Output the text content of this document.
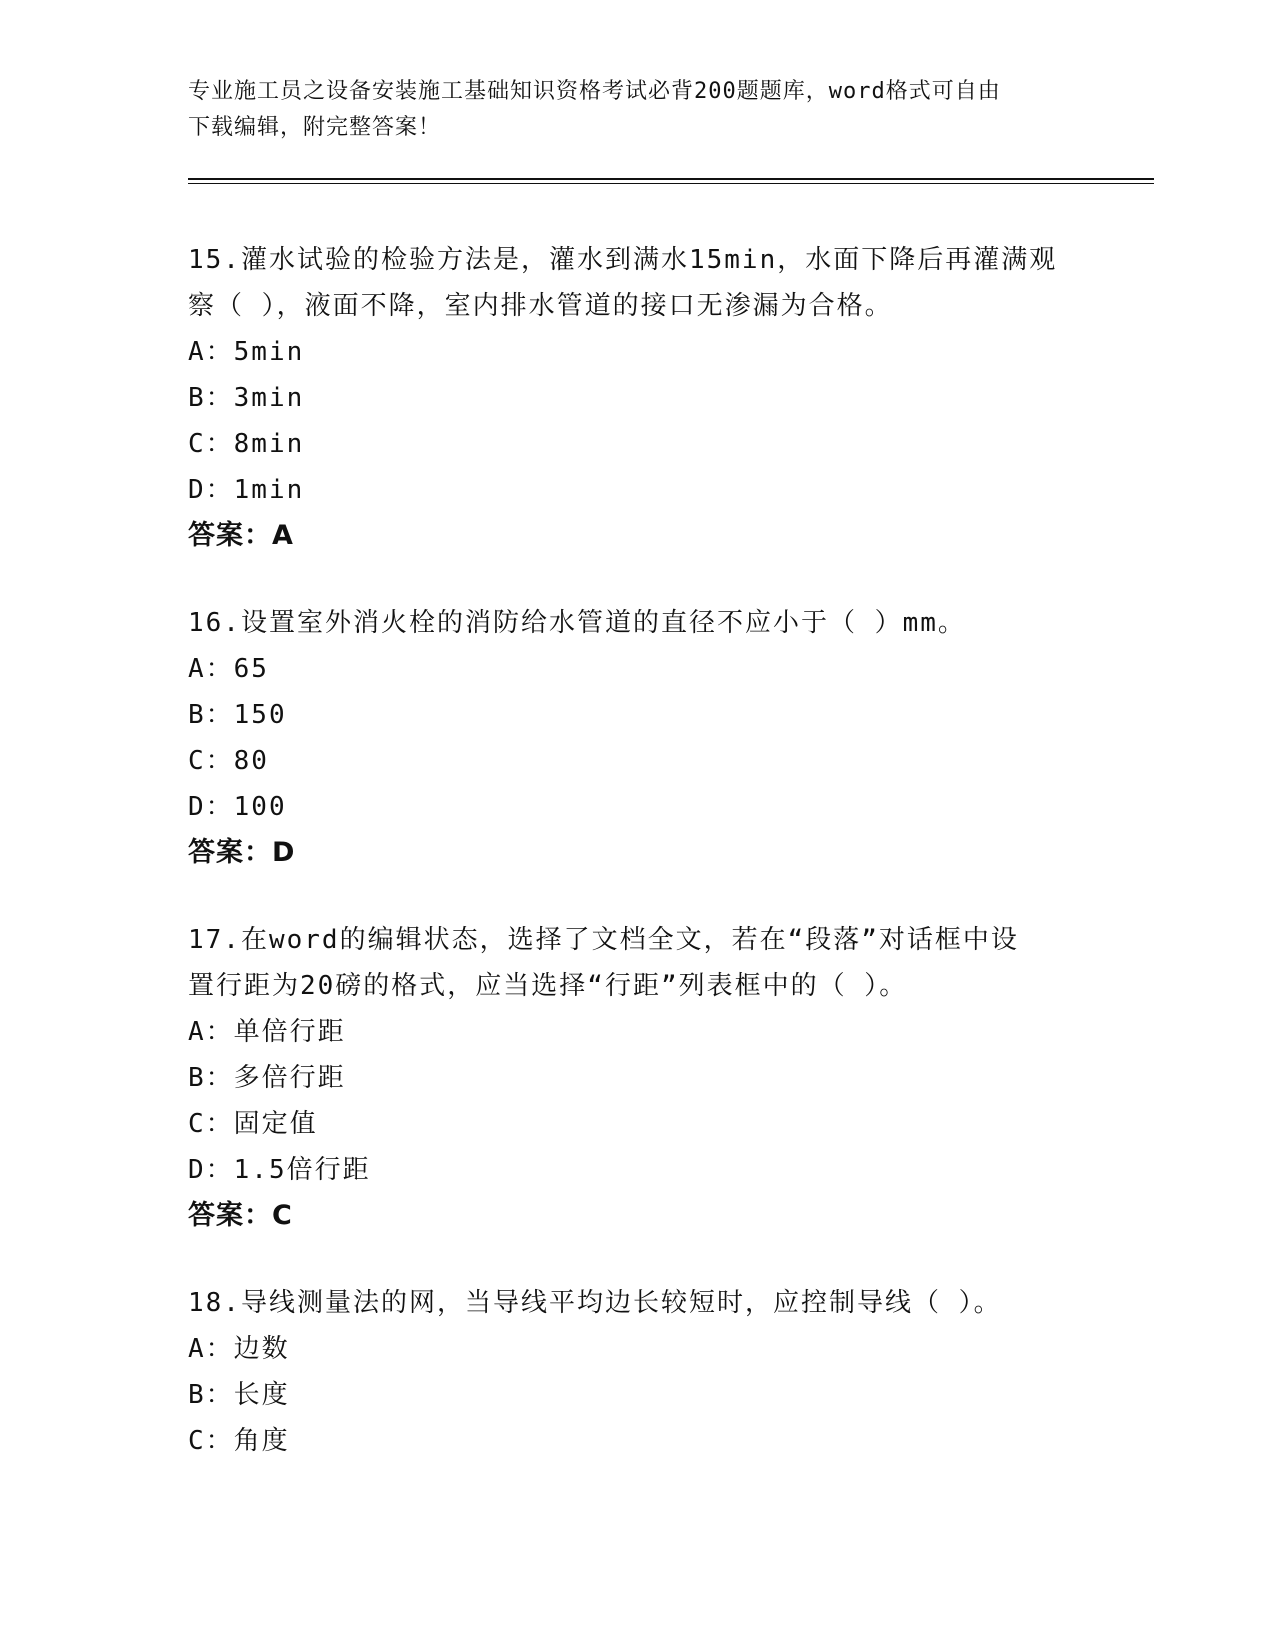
专业施工员之设备安装施工基础知识资格考试必背200题题库，word格式可自由
下载编辑，附完整答案！

15.灌水试验的检验方法是，灌水到满水15min，水面下降后再灌满观

察（ ），液面不降，室内排水管道的接口无渗漏为合格。

A：5min

B：3min

C：8min

D：1min

答案：A

16.设置室外消火栓的消防给水管道的直径不应小于（ ）mm。

A：65

B：150

C：80

D：100

答案：D

17.在word的编辑状态，选择了文档全文，若在“段落”对话框中设

置行距为20磅的格式，应当选择“行距”列表框中的（ ）。

A：单倍行距

B：多倍行距

C：固定值

D：1.5倍行距

答案：C

18.导线测量法的网，当导线平均边长较短时，应控制导线（ ）。

A：边数

B：长度

C：角度
